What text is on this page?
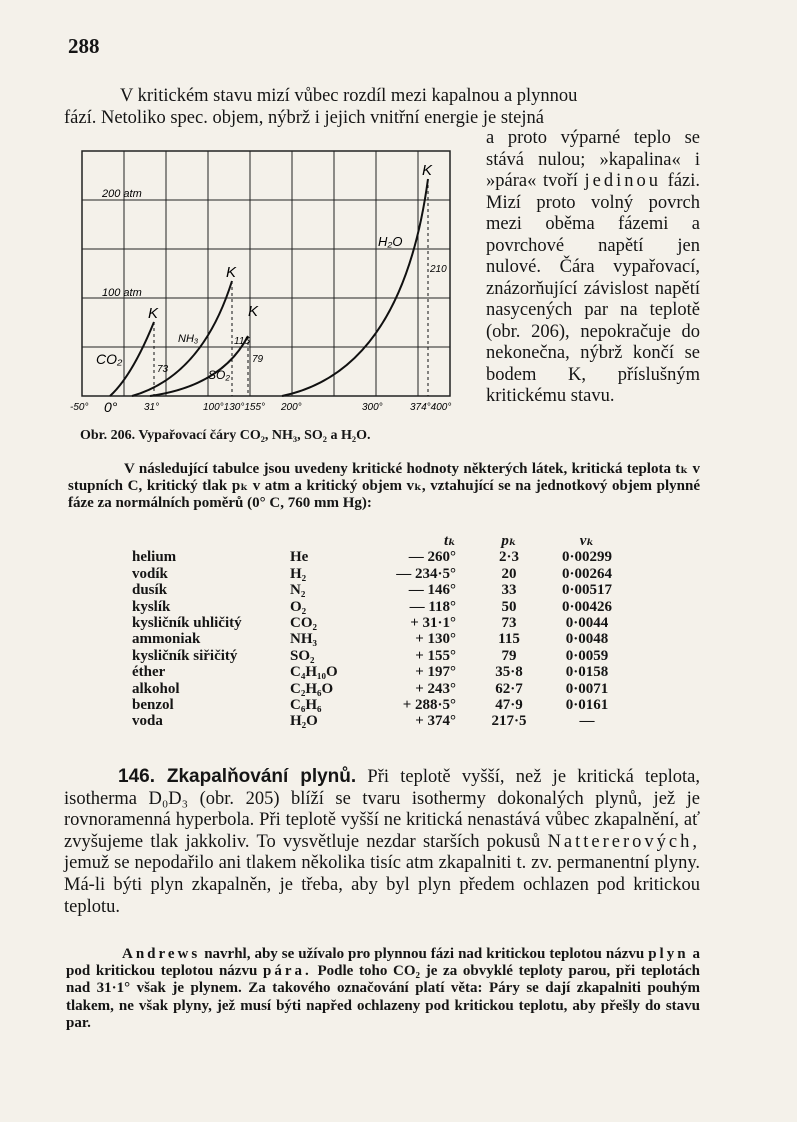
288
V kritickém stavu mizí vůbec rozdíl mezi kapalnou a plynnou
fází. Netoliko spec. objem, nýbrž i jejich vnitřní energie je stejná
a proto výparné teplo se stává nulou; »kapalina« i »pára« tvoří jedinou fázi. Mizí proto volný povrch mezi oběma fázemi a povrchové napětí jen nulové. Čára vypařovací, znázorňující závislost napětí nasycených par na teplotě (obr. 206), nepokračuje do nekonečna, nýbrž končí se bodem K, příslušným kritickému stavu.
200 atm
100 atm
CO₂
NH₃
SO₂
H₂O
K
K
K
K
73
115
79
210
-50° 0°	31°	100°130°155° 200°	300°	374°400°
Obr. 206. Vypařovací čáry CO₂, NH₃, SO₂ a H₂O.
V následující tabulce jsou uvedeny kritické hodnoty některých látek, kritická teplota tₖ v stupních C, kritický tlak pₖ v atm a kritický objem vₖ, vztahující se na jednotkový objem plynné fáze za normálních poměrů (0° C, 760 mm Hg):
		tₖ	pₖ	vₖ
helium	He	— 260°	2·3	0·00299
vodík	H₂	— 234·5°	20	0·00264
dusík	N₂	— 146°	33	0·00517
kyslík	O₂	— 118°	50	0·00426
kysličník uhličitý	CO₂	+ 31·1°	73	0·0044
ammoniak	NH₃	+ 130°	115	0·0048
kysličník siřičitý	SO₂	+ 155°	79	0·0059
éther	C₄H₁₀O	+ 197°	35·8	0·0158
alkohol	C₂H₆O	+ 243°	62·7	0·0071
benzol	C₆H₆	+ 288·5°	47·9	0·0161
voda	H₂O	+ 374°	217·5	—
146. Zkapalňování plynů. Při teplotě vyšší, než je kritická teplota, isotherma D₀D₃ (obr. 205) blíží se tvaru isothermy dokonalých plynů, jež je rovnoramenná hyperbola. Při teplotě vyšší ne kritická nenastává vůbec zkapalnění, ať zvyšujeme tlak jakkoliv. To vysvětluje nezdar starších pokusů Nattererových, jemuž se nepodařilo ani tlakem několika tisíc atm zkapalniti t. zv. permanentní plyny. Má-li býti plyn zkapalněn, je třeba, aby byl plyn předem ochlazen pod kritickou teplotu.
Andrews navrhl, aby se užívalo pro plynnou fázi nad kritickou teplotou názvu plyn a pod kritickou teplotou názvu pára. Podle toho CO₂ je za obvyklé teploty parou, při teplotách nad 31·1° však je plynem. Za takového označování platí věta: Páry se dají zkapalniti pouhým tlakem, ne však plyny, jež musí býti napřed ochlazeny pod kritickou teplotu, aby přešly do stavu par.
